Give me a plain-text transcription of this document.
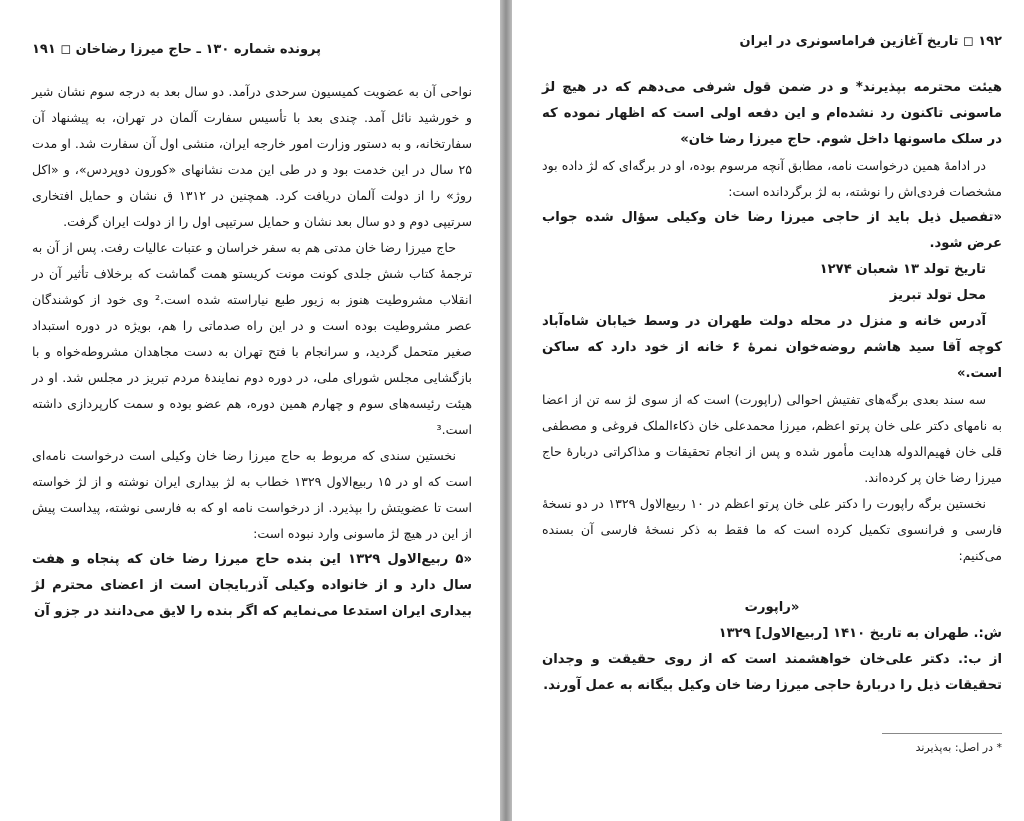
پرونده شماره ۱۳۰ ـ حاج میرزا رضاخان ◻ ۱۹۱

نواحی آن به عضویت کمیسیون سرحدی درآمد. دو سال بعد به درجه سوم نشان شیر و خورشید نائل آمد. چندی بعد با تأسیس سفارت آلمان در تهران، به پیشنهاد آن سفارتخانه، و به دستور وزارت امور خارجه ایران، منشی اول آن سفارت شد. او مدت ۲۵ سال در این خدمت بود و در طی این مدت نشانهای «کورون دوپردس»، و «اکل روژ» را از دولت آلمان دریافت کرد. همچنین در ۱۳۱۲ ق نشان و حمایل افتخاری سرتیپی دوم و دو سال بعد نشان و حمایل سرتیپی اول را از دولت ایران گرفت.

حاج میرزا رضا خان مدتی هم به سفر خراسان و عتبات عالیات رفت. پس از آن به ترجمهٔ کتاب شش جلدی کونت مونت کریستو همت گماشت که برخلاف تأثیر آن در انقلاب مشروطیت هنوز به زیور طبع نیاراسته شده است.² وی خود از کوشندگان عصر مشروطیت بوده است و در این راه صدماتی را هم، بویژه در دوره استبداد صغیر متحمل گردید، و سرانجام با فتح تهران به دست مجاهدان مشروطه‌خواه و با بازگشایی مجلس شورای ملی، در دوره دوم نمایندهٔ مردم تبریز در مجلس شد. او در هیئت رئیسه‌های سوم و چهارم همین دوره، هم عضو بوده و سمت کارپردازی داشته است.³

نخستین سندی که مربوط به حاج میرزا رضا خان وکیلی است درخواست نامه‌ای است که او در ۱۵ ربیع‌الاول ۱۳۲۹ خطاب به لژ بیداری ایران نوشته و از لژ خواسته است تا عضویتش را بپذیرد. از درخواست نامه او که به فارسی نوشته، پیداست پیش از این در هیچ لژ ماسونی وارد نبوده است:

«۵ ربیع‌الاول ۱۳۲۹ این بنده حاج میرزا رضا خان که پنجاه و هفت سال دارد و از خانواده وکیلی آذربایجان است از اعضای محترم لژ بیداری ایران استدعا می‌نمایم که اگر بنده را لایق می‌دانند در جزو آن

۱۹۲ ◻ تاریخ آغازین فراماسونری در ایران

هیئت محترمه بپذیرند* و در ضمن قول شرفی می‌دهم که در هیچ لژ ماسونی تاکنون رد نشده‌ام و این دفعه اولی است که اظهار نموده که در سلک ماسونها داخل شوم. حاج میرزا رضا خان»

در ادامهٔ همین درخواست نامه، مطابق آنچه مرسوم بوده، او در برگه‌ای که لژ داده بود مشخصات فردی‌اش را نوشته، به لژ برگردانده است:

«تفصیل ذیل باید از حاجی میرزا رضا خان وکیلی سؤال شده جواب عرض شود.

تاریخ تولد ۱۳ شعبان ۱۲۷۴

محل تولد تبریز

آدرس خانه و منزل در محله دولت طهران در وسط خیابان شاه‌آباد کوچه آقا سید هاشم روضه‌خوان نمرهٔ ۶ خانه از خود دارد که ساکن است.»

سه سند بعدی برگه‌های تفتیش احوالی (راپورت) است که از سوی لژ سه تن از اعضا به نامهای دکتر علی خان پرتو اعظم، میرزا محمدعلی خان ذکاءالملک فروغی و مصطفی قلی خان فهیم‌الدوله هدایت مأمور شده و پس از انجام تحقیقات و مذاکراتی دربارهٔ حاج میرزا رضا خان پر کرده‌اند.

نخستین برگه راپورت را دکتر علی خان پرتو اعظم در ۱۰ ربیع‌الاول ۱۳۲۹ در دو نسخهٔ فارسی و فرانسوی تکمیل کرده است که ما فقط به ذکر نسخهٔ فارسی آن بسنده می‌کنیم:

«راپورت

ش:. طهران به تاریخ ۱۴۱۰ [ربیع‌الاول] ۱۳۲۹

از ب:. دکتر علی‌خان خواهشمند است که از روی حقیقت و وجدان تحقیقات ذیل را دربارهٔ حاجی میرزا رضا خان وکیل بیگانه به عمل آورند.

* در اصل: به‌پذیرند
